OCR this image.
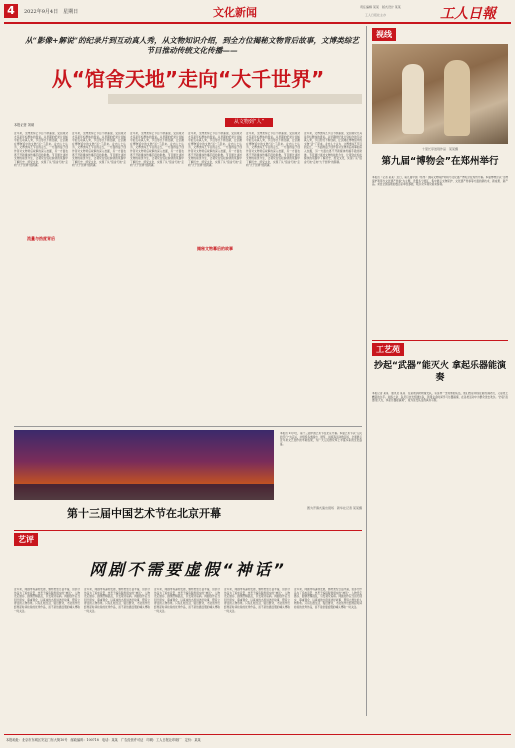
4	2022年9月4日　星期日	文化新闻	责任编辑 某某　版式设计 某某	工人日報
工人日报社主办
从“影像+解说”的纪录片到互动真人秀，从文物知识介绍，到全方位揭秘文物背后故事，文博类综艺节目推动传统文化传播——
从“馆舍天地”走向“大千世界”
本报记者 刘硕	从文物到“人”
近年来，文博类综艺节目不断涌现，受到观众尤其是年轻群体的喜爱。从早期的纪录片到如今的互动真人秀，节目形式不断创新，让沉睡在博物馆中的文物“活”了起来。业内人士认为，文博类综艺节目的走红，一方面得益于创作者对文物背后故事的深入挖掘，另一方面也离不开新媒体传播手段的助推。节目通过讲述文物的前世今生，让观众在轻松愉快的氛围中了解历史、感受文化，实现了从“馆舍天地”走向“大千世界”的跨越。
近年来，文博类综艺节目不断涌现，受到观众尤其是年轻群体的喜爱。从早期的纪录片到如今的互动真人秀，节目形式不断创新，让沉睡在博物馆中的文物“活”了起来。业内人士认为，文博类综艺节目的走红，一方面得益于创作者对文物背后故事的深入挖掘，另一方面也离不开新媒体传播手段的助推。节目通过讲述文物的前世今生，让观众在轻松愉快的氛围中了解历史、感受文化，实现了从“馆舍天地”走向“大千世界”的跨越。
近年来，文博类综艺节目不断涌现，受到观众尤其是年轻群体的喜爱。从早期的纪录片到如今的互动真人秀，节目形式不断创新，让沉睡在博物馆中的文物“活”了起来。业内人士认为，文博类综艺节目的走红，一方面得益于创作者对文物背后故事的深入挖掘，另一方面也离不开新媒体传播手段的助推。节目通过讲述文物的前世今生，让观众在轻松愉快的氛围中了解历史、感受文化，实现了从“馆舍天地”走向“大千世界”的跨越。
近年来，文博类综艺节目不断涌现，受到观众尤其是年轻群体的喜爱。从早期的纪录片到如今的互动真人秀，节目形式不断创新，让沉睡在博物馆中的文物“活”了起来。业内人士认为，文博类综艺节目的走红，一方面得益于创作者对文物背后故事的深入挖掘，另一方面也离不开新媒体传播手段的助推。节目通过讲述文物的前世今生，让观众在轻松愉快的氛围中了解历史、感受文化，实现了从“馆舍天地”走向“大千世界”的跨越。
近年来，文博类综艺节目不断涌现，受到观众尤其是年轻群体的喜爱。从早期的纪录片到如今的互动真人秀，节目形式不断创新，让沉睡在博物馆中的文物“活”了起来。业内人士认为，文博类综艺节目的走红，一方面得益于创作者对文物背后故事的深入挖掘，另一方面也离不开新媒体传播手段的助推。节目通过讲述文物的前世今生，让观众在轻松愉快的氛围中了解历史、感受文化，实现了从“馆舍天地”走向“大千世界”的跨越。
近年来，文博类综艺节目不断涌现，受到观众尤其是年轻群体的喜爱。从早期的纪录片到如今的互动真人秀，节目形式不断创新，让沉睡在博物馆中的文物“活”了起来。业内人士认为，文博类综艺节目的走红，一方面得益于创作者对文物背后故事的深入挖掘，另一方面也离不开新媒体传播手段的助推。节目通过讲述文物的前世今生，让观众在轻松愉快的氛围中了解历史、感受文化，实现了从“馆舍天地”走向“大千世界”的跨越。
流量与热度背后
揭秘文物幕后的故事
视线
十里长亭送别作品　某某摄
第九届“博物会”在郑州举行
本报讯（记者 某某）近日，第九届中国（郑州）国际文物保护利用与文化遗产博览会在郑州开幕。本届博物会以“文物保护利用与文化遗产传承”为主题，设置多个展区，集中展示文物保护、文化遗产传承等方面的新技术、新成果、新产品。来自全国各地的数百家单位参展，吸引众多观众前来参观。
第十三届中国艺术节在北京开幕
本报讯 9月3日，第十三届中国艺术节在北京开幕。本届艺术节以“人民的节日”为宗旨，共组织各类演出、展览、讲座等活动数百场，全面展示近年来文艺创作的丰硕成果，为广大人民群众奉上丰富多彩的文化盛宴。
图为开幕式演出现场　新华社记者 某某摄
艺评
网剧不需要虚假“神话”
近年来，网剧市场蓬勃发展，题材类型日益丰富，但部分作品为了追求流量，热衷于编造脱离现实的“神话”，人物设定悬浮、剧情逻辑混乱，引发观众诟病。网剧创作应当回归现实、尊重观众，以真诚的态度讲述好故事，塑造立得住的人物形象。只有扎根生活、贴近群众，才能创作出经得起时间检验的优秀作品，而不是依靠虚假的噱头博取一时关注。
近年来，网剧市场蓬勃发展，题材类型日益丰富，但部分作品为了追求流量，热衷于编造脱离现实的“神话”，人物设定悬浮、剧情逻辑混乱，引发观众诟病。网剧创作应当回归现实、尊重观众，以真诚的态度讲述好故事，塑造立得住的人物形象。只有扎根生活、贴近群众，才能创作出经得起时间检验的优秀作品，而不是依靠虚假的噱头博取一时关注。
近年来，网剧市场蓬勃发展，题材类型日益丰富，但部分作品为了追求流量，热衷于编造脱离现实的“神话”，人物设定悬浮、剧情逻辑混乱，引发观众诟病。网剧创作应当回归现实、尊重观众，以真诚的态度讲述好故事，塑造立得住的人物形象。只有扎根生活、贴近群众，才能创作出经得起时间检验的优秀作品，而不是依靠虚假的噱头博取一时关注。
近年来，网剧市场蓬勃发展，题材类型日益丰富，但部分作品为了追求流量，热衷于编造脱离现实的“神话”，人物设定悬浮、剧情逻辑混乱，引发观众诟病。网剧创作应当回归现实、尊重观众，以真诚的态度讲述好故事，塑造立得住的人物形象。只有扎根生活、贴近群众，才能创作出经得起时间检验的优秀作品，而不是依靠虚假的噱头博取一时关注。
近年来，网剧市场蓬勃发展，题材类型日益丰富，但部分作品为了追求流量，热衷于编造脱离现实的“神话”，人物设定悬浮、剧情逻辑混乱，引发观众诟病。网剧创作应当回归现实、尊重观众，以真诚的态度讲述好故事，塑造立得住的人物形象。只有扎根生活、贴近群众，才能创作出经得起时间检验的优秀作品，而不是依靠虚假的噱头博取一时关注。
工艺苑
抄起“武器”能灭火 拿起乐器能演奏
本报记者 某某　通讯员 某某　在某地消防救援支队，有这样一支特殊的队伍，他们既是冲锋在前的消防员，又是技艺精湛的乐手。训练之余，队员们自发组建乐队，利用业余时间学习乐器演奏，在各类活动中为群众送去欢乐。“抄起‘武器’能灭火，拿起乐器能演奏”，成为这支队伍的真实写照。
本报地址：北京市东城区安定门东大街10号　邮政编码：100718　电话：某某　广告经营许可证　印刷：工人日报社印刷厂　定价：某某
